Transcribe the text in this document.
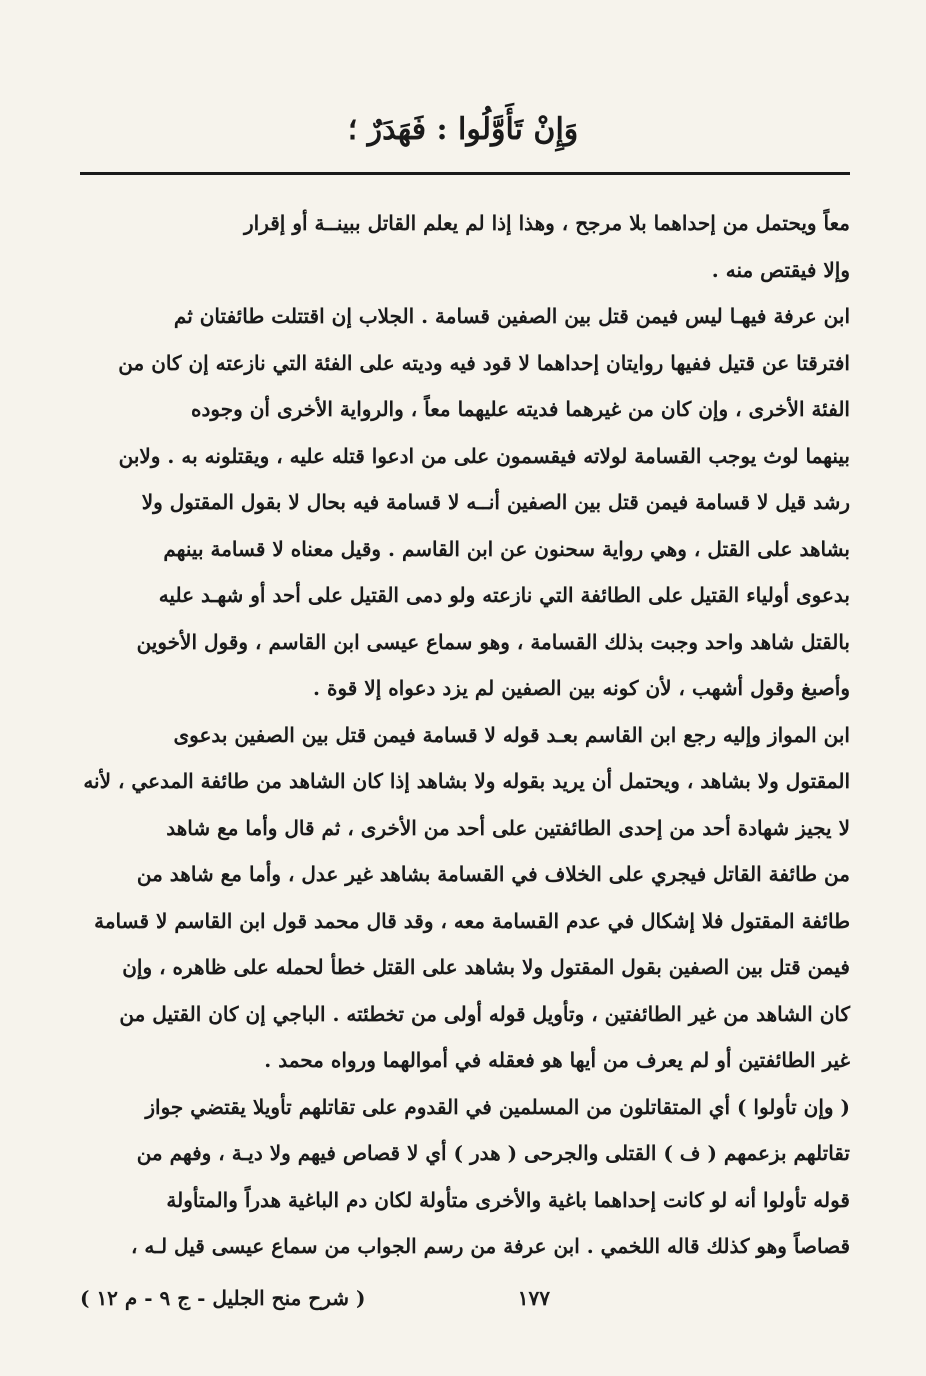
وَإِنْ تَأَوَّلُوا : فَهَدَرٌ ؛

معاً ويحتمل من إحداهما بلا مرجح ، وهذا إذا لم يعلم القاتل ببينــة أو إقرار

وإلا فيقتص منه .

ابن عرفة فيهـا ليس فيمن قتل بين الصفين قسامة . الجلاب إن اقتتلت طائفتان ثم

افترقتا عن قتيل ففيها روايتان إحداهما لا قود فيه وديته على الفئة التي نازعته إن كان من

الفئة الأخرى ، وإن كان من غيرهما فديته عليهما معاً ، والرواية الأخرى أن وجوده

بينهما لوث يوجب القسامة لولاته فيقسمون على من ادعوا قتله عليه ، ويقتلونه به . ولابن

رشد قيل لا قسامة فيمن قتل بين الصفين أنــه لا قسامة فيه بحال لا بقول المقتول ولا

بشاهد على القتل ، وهي رواية سحنون عن ابن القاسم . وقيل معناه لا قسامة بينهم

بدعوى أولياء القتيل على الطائفة التي نازعته ولو دمى القتيل على أحد أو شهـد عليه

بالقتل شاهد واحد وجبت بذلك القسامة ، وهو سماع عيسى ابن القاسم ، وقول الأخوين

وأصبغ وقول أشهب ، لأن كونه بين الصفين لم يزد دعواه إلا قوة .

ابن المواز وإليه رجع ابن القاسم بعـد قوله لا قسامة فيمن قتل بين الصفين بدعوى

المقتول ولا بشاهد ، ويحتمل أن يريد بقوله ولا بشاهد إذا كان الشاهد من طائفة المدعي ، لأنه

لا يجيز شهادة أحد من إحدى الطائفتين على أحد من الأخرى ، ثم قال وأما مع شاهد

من طائفة القاتل فيجري على الخلاف في القسامة بشاهد غير عدل ، وأما مع شاهد من

طائفة المقتول فلا إشكال في عدم القسامة معه ، وقد قال محمد قول ابن القاسم لا قسامة

فيمن قتل بين الصفين بقول المقتول ولا بشاهد على القتل خطأ لحمله على ظاهره ، وإن

كان الشاهد من غير الطائفتين ، وتأويل قوله أولى من تخطئته . الباجي إن كان القتيل من

غير الطائفتين أو لم يعرف من أيها هو فعقله في أموالهما ورواه محمد .

( وإن تأولوا ) أي المتقاتلون من المسلمين في القدوم على تقاتلهم تأويلا يقتضي جواز

تقاتلهم بزعمهم ( ف ) القتلى والجرحى ( هدر ) أي لا قصاص فيهم ولا ديـة ، وفهم من

قوله تأولوا أنه لو كانت إحداهما باغية والأخرى متأولة لكان دم الباغية هدراً والمتأولة

قصاصاً وهو كذلك قاله اللخمي . ابن عرفة من رسم الجواب من سماع عيسى قيل لـه ،

١٧٧
( شرح منح الجليل - ج ٩ - م ١٢ )
